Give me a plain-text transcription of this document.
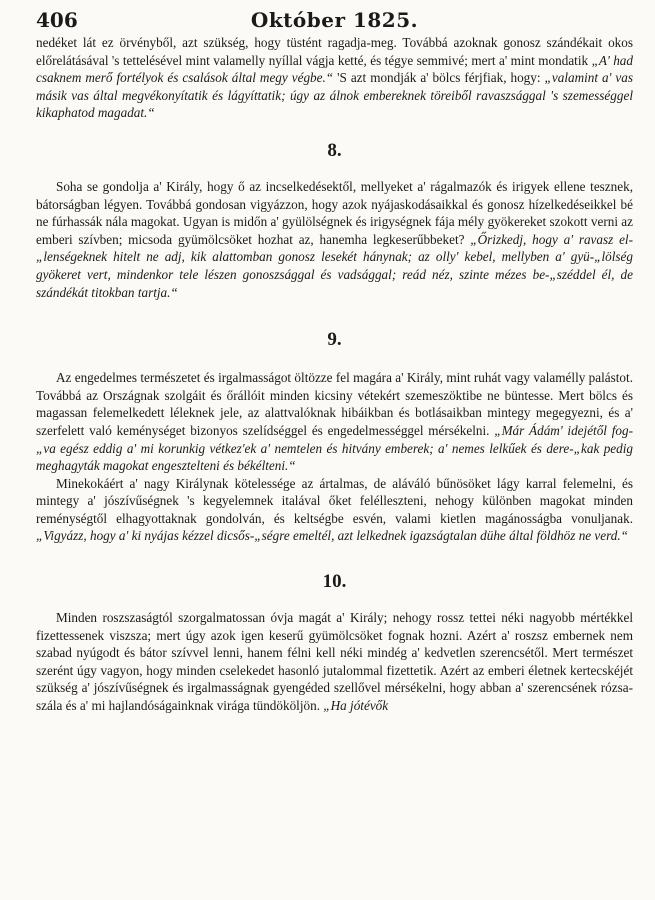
406	Október 1825.

nedéket lát ez örvényből, azt szükség, hogy tüstént ragadja-meg. Továbbá azoknak gonosz szándékait okos előrelátásával 's tettelésével mint valamelly nyíllal vágja ketté, és tégye semmivé; mert a' mint mondatik „A' had csaknem merő fortélyok és csalások által megy végbe.“ 'S azt mondják a' bölcs férjfiak, hogy: „valamint a' vas másik vas által megvékonyítatik és lágyíttatik; úgy az álnok embereknek töreiből ravaszsággal 's szemességgel kikaphatod magadat.“

8.

Soha se gondolja a' Király, hogy ő az incselkedésektől, mellyeket a' rágalmazók és irigyek ellene tesznek, bátorságban légyen. Továbbá gondosan vigyázzon, hogy azok nyájaskodásaikkal és gonosz hízelkedéseikkel bé ne fúrhassák nála magokat. Ugyan is midőn a' gyülölségnek és irigységnek fája mély gyökereket szokott verni az emberi szívben; micsoda gyümölcsöket hozhat az, hanemha legkeserűbbeket? „Őrizkedj, hogy a' ravasz el-„lenségeknek hitelt ne adj, kik alattomban gonosz lesekét hánynak; az olly' kebel, mellyben a' gyü-„lölség gyökeret vert, mindenkor tele lészen gonoszsággal és vadsággal; reád néz, szinte mézes be-„széddel él, de szándékát titokban tartja.“

9.

Az engedelmes természetet és irgalmasságot öltözze fel magára a' Király, mint ruhát vagy valamélly palástot. Továbbá az Országnak szolgáit és őrállóit minden kicsiny vétekért szemeszöktibe ne büntesse. Mert bölcs és magassan felemelkedett léleknek jele, az alattvalóknak hibáikban és botlásaikban mintegy megegyezni, és a' szerfelett való keménységet bizonyos szelídséggel és engedelmességgel mérsékelni. „Már Ádám' idejétől fog-„va egész eddig a' mi korunkig vétkez'ek a' nemtelen és hitvány emberek; a' nemes lelkűek és dere-„kak pedig meghagyták magokat engesztelteni és békélteni.“

Minekokáért a' nagy Királynak kötelessége az ártalmas, de aláváló bűnösöket lágy karral felemelni, és mintegy a' jószívűségnek 's kegyelemnek italával őket felélleszteni, nehogy különben magokat minden reménységtől elhagyottaknak gondolván, és keltségbe esvén, valami kietlen magánosságba vonuljanak. „Vigyázz, hogy a' ki nyájas kézzel dicsős-„ségre emeltél, azt lelkednek igazságtalan dühe által földhöz ne verd.“

10.

Minden roszszaságtól szorgalmatossan óvja magát a' Király; nehogy rossz tettei néki nagyobb mértékkel fizettessenek viszsza; mert úgy azok igen keserű gyümölcsöket fognak hozni. Azért a' roszsz embernek nem szabad nyúgodt és bátor szívvel lenni, hanem félni kell néki mindég a' kedvetlen szerencsétől. Mert természet szerént úgy vagyon, hogy minden cselekedet hasonló jutalommal fizettetik. Azért az emberi életnek kertecskéjét szükség a' jószívűségnek és irgalmasságnak gyengéded szellővel mérsékelni, hogy abban a' szerencsének rózsa-szála és a' mi hajlandóságainknak virága tündököljön. „Ha jótévők
